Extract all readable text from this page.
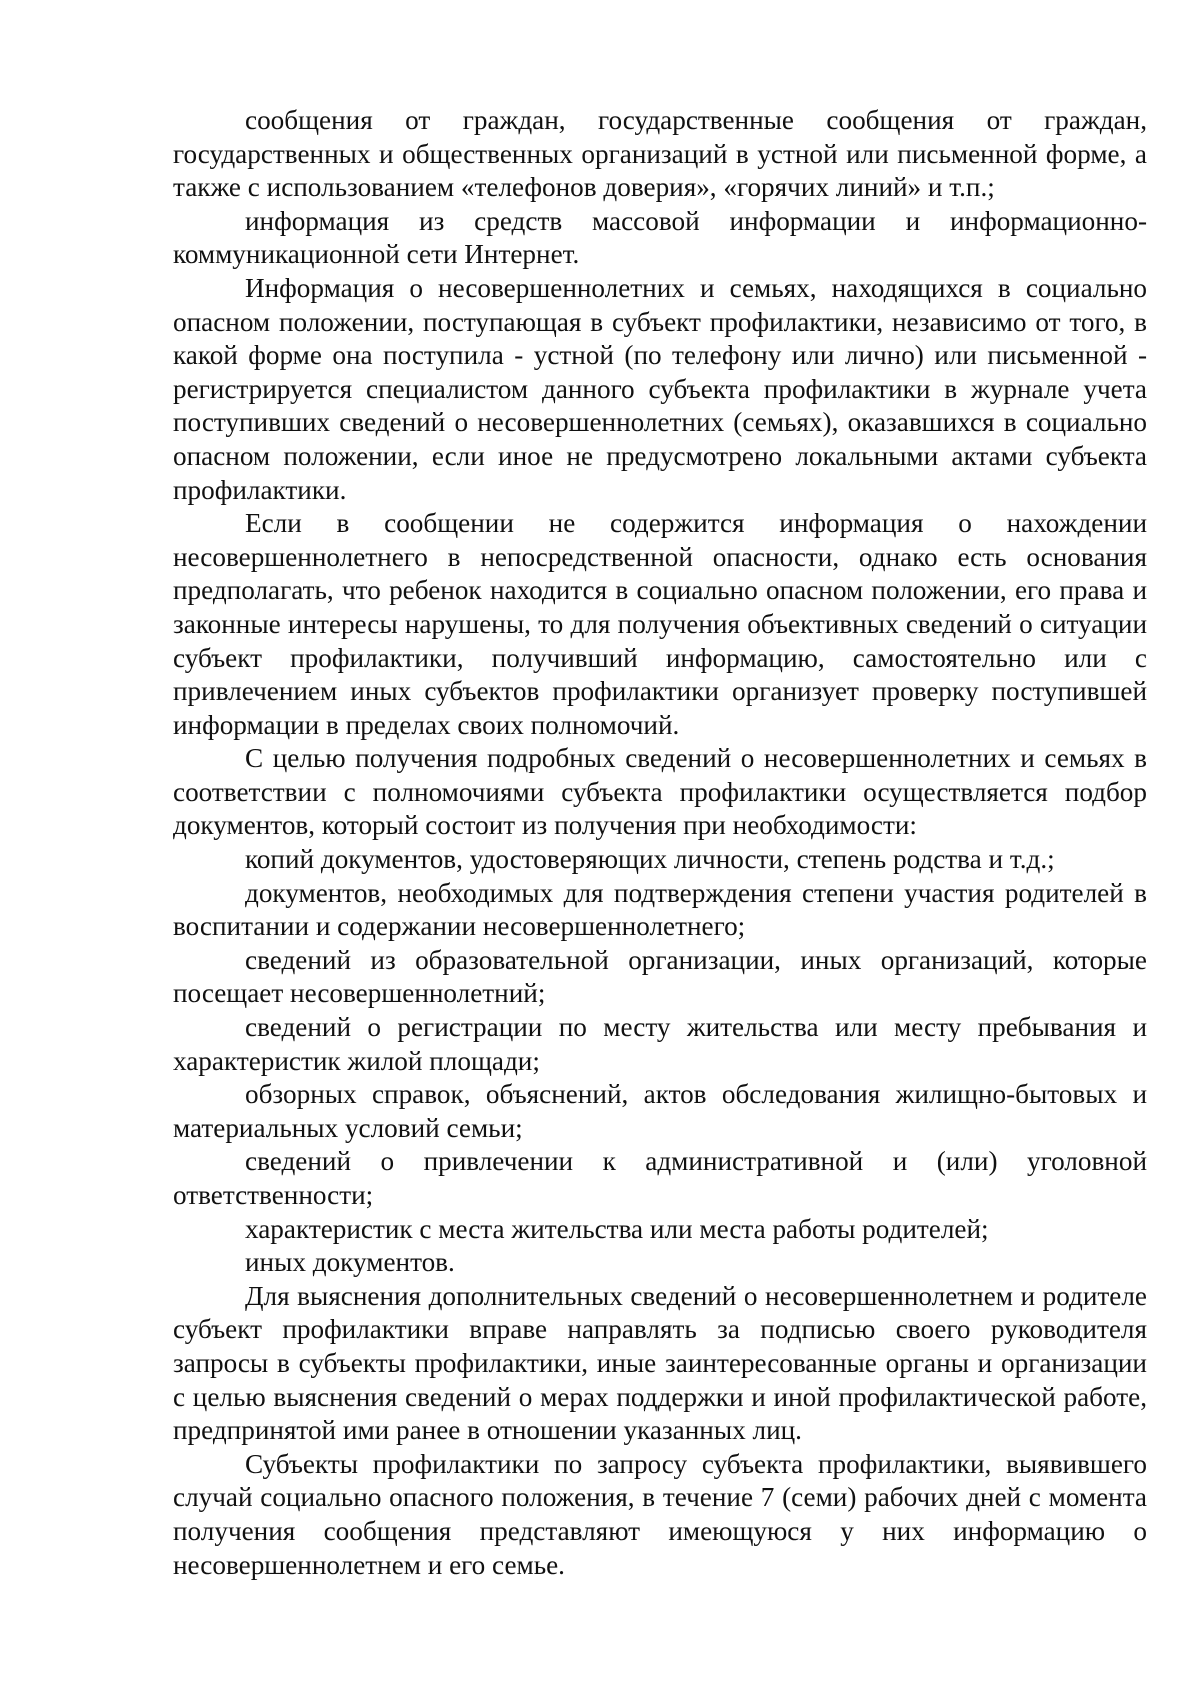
сообщения от граждан, государственные сообщения от граждан, государственных и общественных организаций в устной или письменной форме, а также с использованием «телефонов доверия», «горячих линий» и т.п.;

информация из средств массовой информации и информационно-коммуникационной сети Интернет.

Информация о несовершеннолетних и семьях, находящихся в социально опасном положении, поступающая в субъект профилактики, независимо от того, в какой форме она поступила - устной (по телефону или лично) или письменной - регистрируется специалистом данного субъекта профилактики в журнале учета поступивших сведений о несовершеннолетних (семьях), оказавшихся в социально опасном положении, если иное не предусмотрено локальными актами субъекта профилактики.

Если в сообщении не содержится информация о нахождении несовершеннолетнего в непосредственной опасности, однако есть основания предполагать, что ребенок находится в социально опасном положении, его права и законные интересы нарушены, то для получения объективных сведений о ситуации субъект профилактики, получивший информацию, самостоятельно или с привлечением иных субъектов профилактики организует проверку поступившей информации в пределах своих полномочий.

С целью получения подробных сведений о несовершеннолетних и семьях в соответствии с полномочиями субъекта профилактики осуществляется подбор документов, который состоит из получения при необходимости:

копий документов, удостоверяющих личности, степень родства и т.д.;

документов, необходимых для подтверждения степени участия родителей в воспитании и содержании несовершеннолетнего;

сведений из образовательной организации, иных организаций, которые посещает несовершеннолетний;

сведений о регистрации по месту жительства или месту пребывания и характеристик жилой площади;

обзорных справок, объяснений, актов обследования жилищно-бытовых и материальных условий семьи;

сведений о привлечении к административной и (или) уголовной ответственности;

характеристик с места жительства или места работы родителей;

иных документов.

Для выяснения дополнительных сведений о несовершеннолетнем и родителе субъект профилактики вправе направлять за подписью своего руководителя запросы в субъекты профилактики, иные заинтересованные органы и организации с целью выяснения сведений о мерах поддержки и иной профилактической работе, предпринятой ими ранее в отношении указанных лиц.

Субъекты профилактики по запросу субъекта профилактики, выявившего случай социально опасного положения, в течение 7 (семи) рабочих дней с момента получения сообщения представляют имеющуюся у них информацию о несовершеннолетнем и его семье.
